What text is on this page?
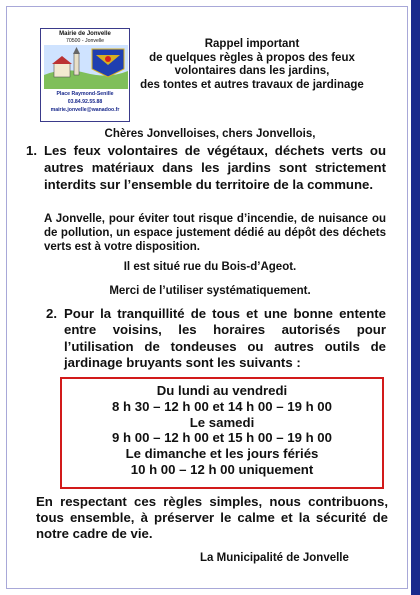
Mairie de Jonvelle
70500 - Jonvelle
Place Raymond-Senille
03.84.92.55.88
mairie.jonvelle@wanadoo.fr
Rappel important
de quelques règles à propos des feux
volontaires dans les jardins,
des tontes et autres travaux de jardinage
Chères Jonvelloises, chers Jonvellois,
1. Les feux volontaires de végétaux, déchets verts ou autres matériaux dans les jardins sont strictement interdits sur l’ensemble du territoire de la commune.
A Jonvelle, pour éviter tout risque d’incendie, de nuisance ou de pollution, un espace justement dédié au dépôt des déchets verts est à votre disposition.
Il est situé rue du Bois-d’Ageot.
Merci de l’utiliser systématiquement.
2. Pour la tranquillité de tous et une bonne entente entre voisins, les horaires autorisés pour l’utilisation de tondeuses ou autres outils de jardinage bruyants sont les suivants :
Du lundi au vendredi
8 h 30 – 12 h 00 et 14 h 00 – 19 h 00
Le samedi
9 h 00 – 12 h 00 et 15 h 00 – 19 h 00
Le dimanche et les jours fériés
10 h 00 – 12 h 00 uniquement
En respectant ces règles simples, nous contribuons, tous ensemble, à préserver le calme et la sécurité de notre cadre de vie.
La Municipalité de Jonvelle
